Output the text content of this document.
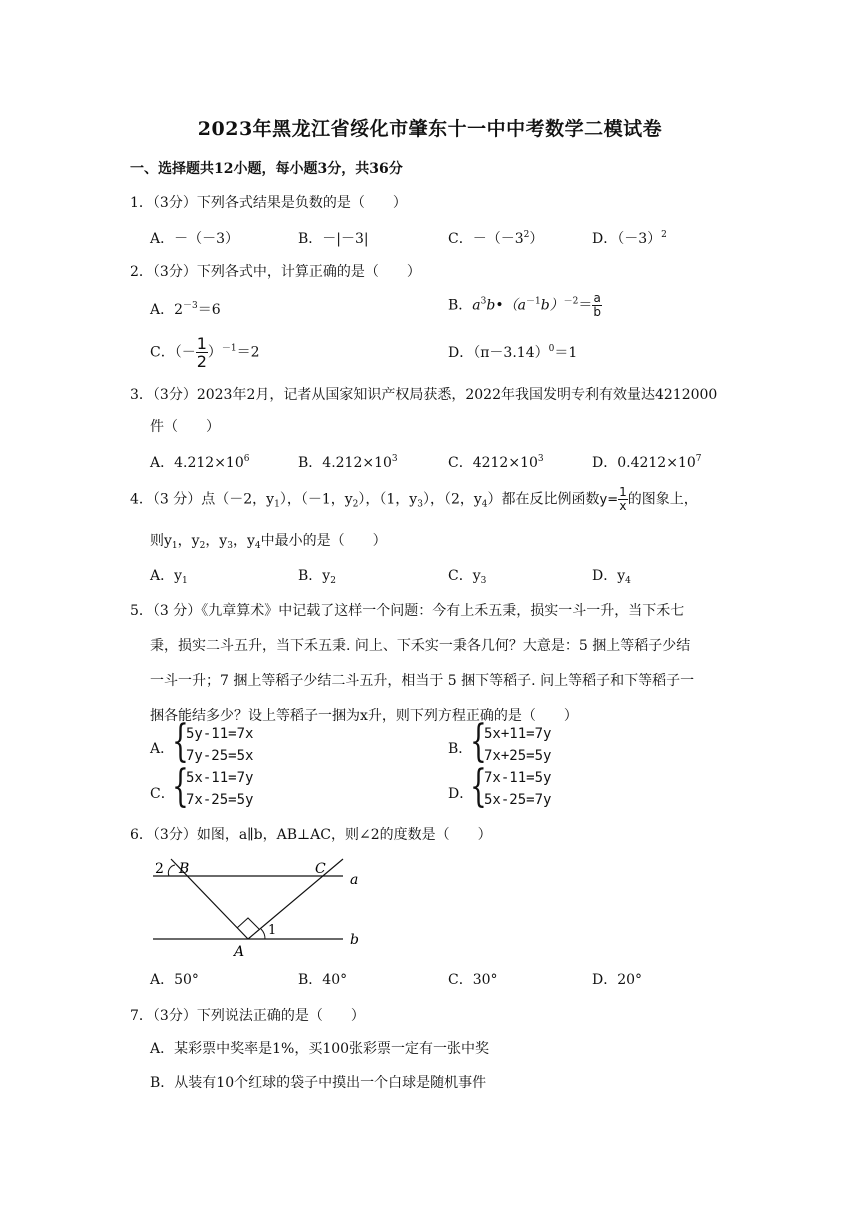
2023年黑龙江省绥化市肇东十一中中考数学二模试卷
一、选择题共12小题，每小题3分，共36分
1．（3分）下列各式结果是负数的是（　　）
A．－（－3）	B．－|－3|	C．$-(-3^2)$	D．$(-3)^2$
2．（3分）下列各式中，计算正确的是（　　）
A．$2^{-3}=6$	B．$a^3b•(a^{-1}b)^{-2}= \frac{a}{b}$
C．（－ $\frac{1}{2} )^{-1}=2$	D．$(\pi-3.14)^0=1$
3．（3分）2023年2月，记者从国家知识产权局获悉，2022年我国发明专利有效量达4212000
件（　　）
A．$4.212\times 10^6$	B．$4.212\times 10^3$	C．$4212\times 10^3$	D．$0.4212\times 10^7$
4．（3 分）点（－2，$y_1$），（－1，$y_2$），（1，$y_3$），（2，$y_4$）都在反比例函数$y= \frac{1}{x}$ 的图象上，
则$y_1$，$y_2$，$y_3$，$y_4$中最小的是（　　）
A．$y_1$	B．$y_2$	C．$y_3$	D．$y_4$
5．（3 分）《九章算术》中记载了这样一个问题：今有上禾五秉，损实一斗一升，当下禾七
秉，损实二斗五升，当下禾五秉. 问上、下禾实一秉各几何？大意是：5 捆上等稻子少结
一斗一升；7 捆上等稻子少结二斗五升，相当于 5 捆下等稻子. 问上等稻子和下等稻子一
捆各能结多少？设上等稻子一捆为x升，则下列方程正确的是（　　）
A．
{
5y-11=7x
7y-25=5x	B．
{
5x+11=7y
7x+25=5y
C．
{
5x-11=7y
7x-25=5y	D．
{
7x-11=5y
5x-25=7y
6．（3分）如图，a∥b，AB⊥AC，则∠2的度数是（　　）
2 B	C
a
A
1
b
A．50°	B．40°	C．30°	D．20°
7．（3分）下列说法正确的是（　　）
A．某彩票中奖率是1%，买100张彩票一定有一张中奖
B．从装有10个红球的袋子中摸出一个白球是随机事件
